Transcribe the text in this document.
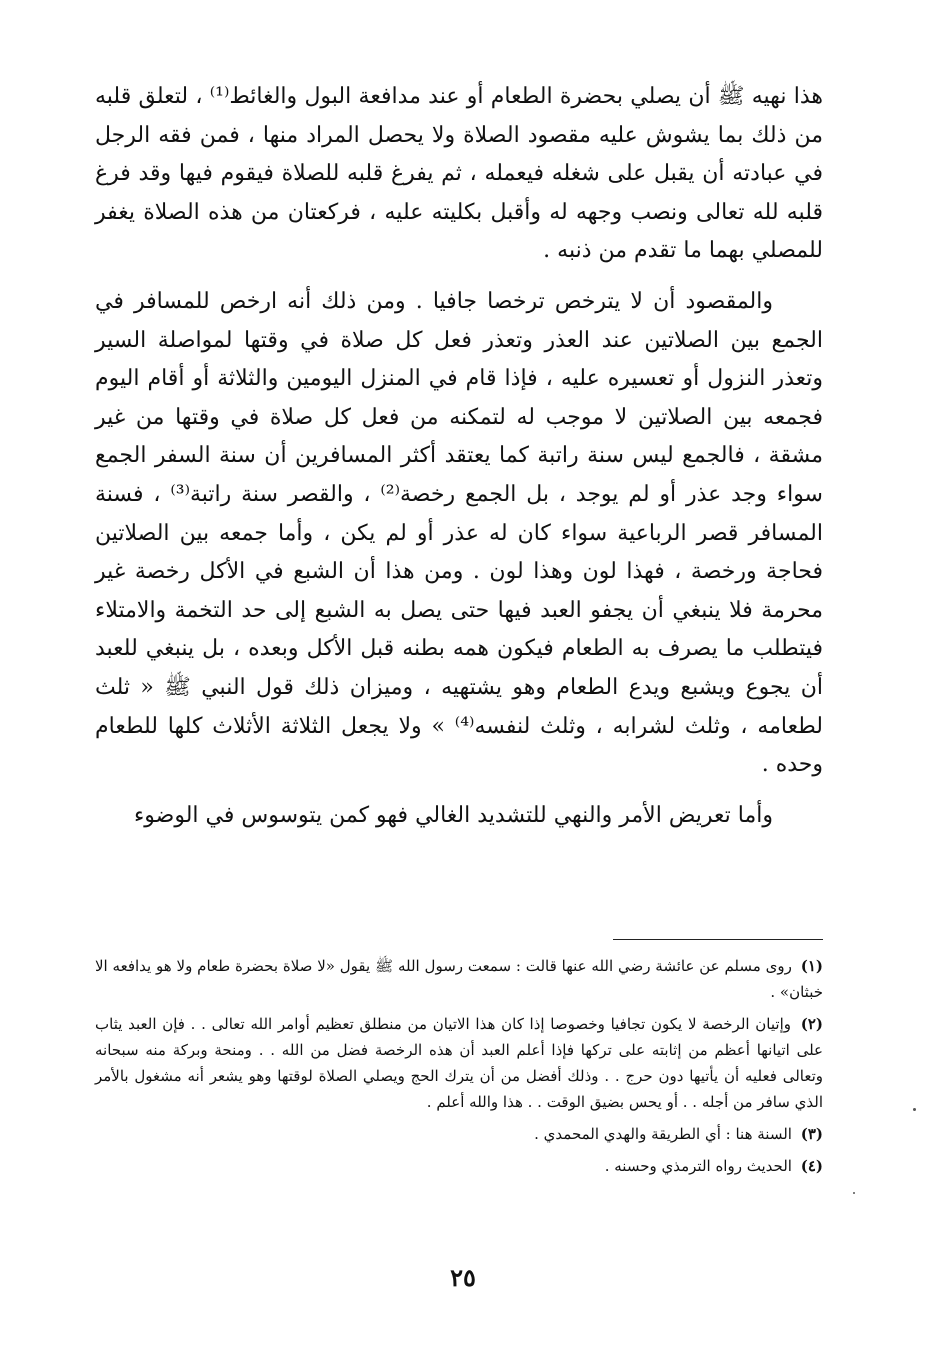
هذا نهيه ﷺ أن يصلي بحضرة الطعام أو عند مدافعة البول والغائط⁽¹⁾ ، لتعلق قلبه من ذلك بما يشوش عليه مقصود الصلاة ولا يحصل المراد منها ، فمن فقه الرجل في عبادته أن يقبل على شغله فيعمله ، ثم يفرغ قلبه للصلاة فيقوم فيها وقد فرغ قلبه لله تعالى ونصب وجهه له وأقبل بكليته عليه ، فركعتان من هذه الصلاة يغفر للمصلي بهما ما تقدم من ذنبه .

والمقصود أن لا يترخص ترخصا جافيا . ومن ذلك أنه ارخص للمسافر في الجمع بين الصلاتين عند العذر وتعذر فعل كل صلاة في وقتها لمواصلة السير وتعذر النزول أو تعسيره عليه ، فإذا قام في المنزل اليومين والثلاثة أو أقام اليوم فجمعه بين الصلاتين لا موجب له لتمكنه من فعل كل صلاة في وقتها من غير مشقة ، فالجمع ليس سنة راتبة كما يعتقد أكثر المسافرين أن سنة السفر الجمع سواء وجد عذر أو لم يوجد ، بل الجمع رخصة⁽²⁾ ، والقصر سنة راتبة⁽³⁾ ، فسنة المسافر قصر الرباعية سواء كان له عذر أو لم يكن ، وأما جمعه بين الصلاتين فحاجة ورخصة ، فهذا لون وهذا لون . ومن هذا أن الشبع في الأكل رخصة غير محرمة فلا ينبغي أن يجفو العبد فيها حتى يصل به الشبع إلى حد التخمة والامتلاء فيتطلب ما يصرف به الطعام فيكون همه بطنه قبل الأكل وبعده ، بل ينبغي للعبد أن يجوع ويشبع ويدع الطعام وهو يشتهيه ، وميزان ذلك قول النبي ﷺ « ثلث لطعامه ، وثلث لشرابه ، وثلث لنفسه⁽⁴⁾ » ولا يجعل الثلاثة الأثلاث كلها للطعام وحده .

وأما تعريض الأمر والنهي للتشديد الغالي فهو كمن يتوسوس في الوضوء

(١) روى مسلم عن عائشة رضي الله عنها قالت : سمعت رسول الله ﷺ يقول «لا صلاة بحضرة طعام ولا هو يدافعه الا خبثان» .

(٢) وإتيان الرخصة لا يكون تجافيا وخصوصا إذا كان هذا الاتيان من منطلق تعظيم أوامر الله تعالى . . فإن العبد يثاب على اتيانها أعظم من إثابته على تركها فإذا أعلم العبد أن هذه الرخصة فضل من الله . . ومنحة وبركة منه سبحانه وتعالى فعليه أن يأتيها دون حرج . . وذلك أفضل من أن يترك الحج ويصلي الصلاة لوقتها وهو يشعر أنه مشغول بالأمر الذي سافر من أجله . . أو يحس بضيق الوقت . . هذا والله أعلم .

(٣) السنة هنا : أي الطريقة والهدي المحمدي .

(٤) الحديث رواه الترمذي وحسنه .

٢٥
